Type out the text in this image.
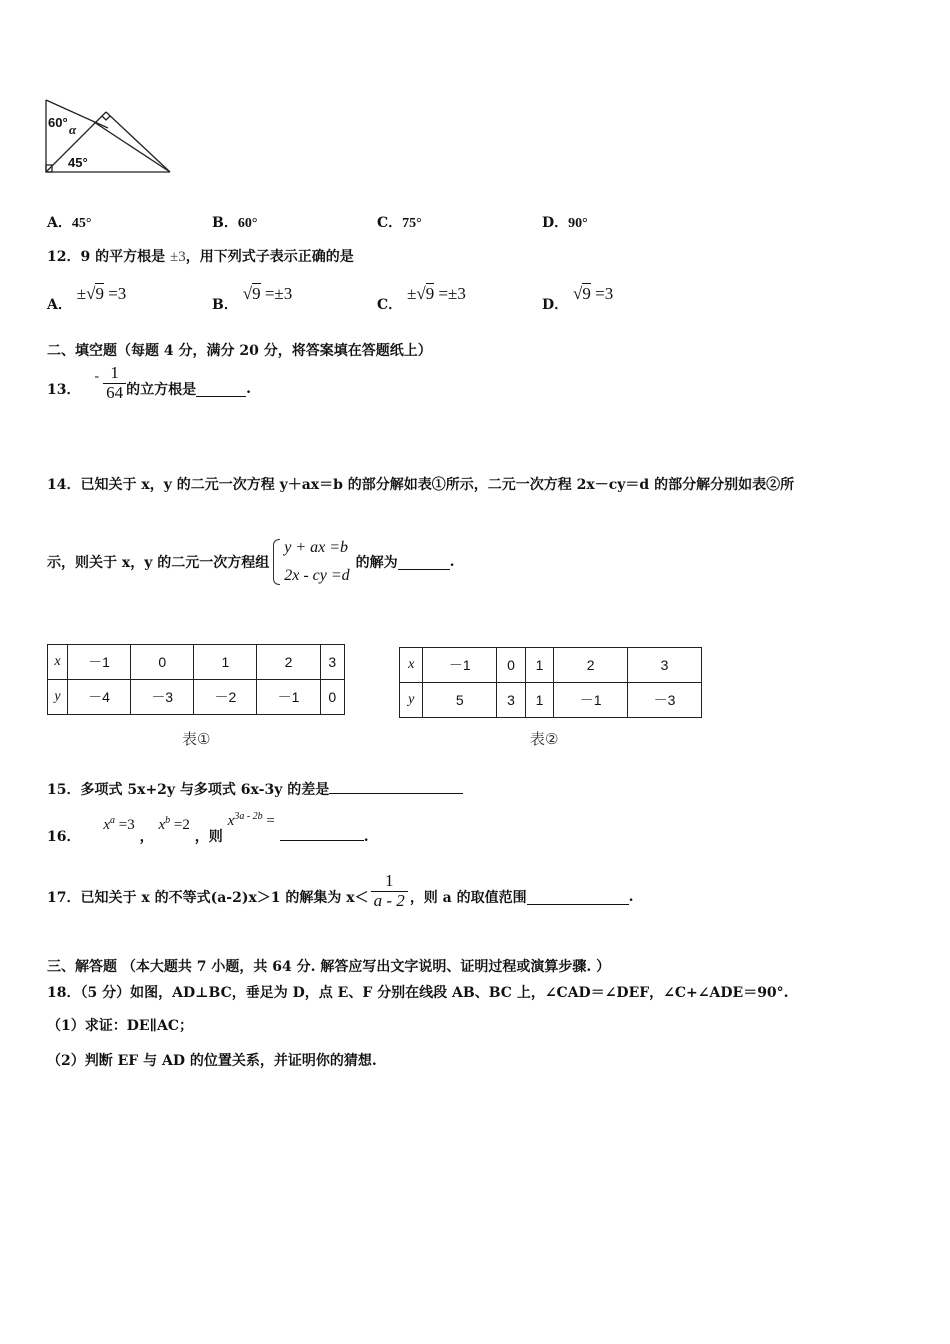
60° α
45°
A． 45°	B． 60°	C． 75°	D． 90°
12．9 的平方根是 ±3，用下列式子表示正确的是
A． ±√9 =3
B． √9 =±3
C． ±√9 =±3
D． √9 =3
二、填空题（每题 4 分，满分 20 分，将答案填在答题纸上）
13．
- $\frac{1}{64}$ 的立方根是	.
14．已知关于 x，y 的二元一次方程 y＋ax＝b 的部分解如表①所示，二元一次方程 2x－cy＝d 的部分解分别如表②所
示，则关于 x，y 的二元一次方程组
y + ax =b
2x - cy =d
的解为	.
x	－1	0	1	2	3
y	－4	－3	－2	－1	0
表①
x	－1	0	1	2	3
y	5	3	1	－1	－3
表②
15．多项式 5x+2y 与多项式 6x-3y 的差是
16． $x^a =3$ ， $x^b =2$ ，则 $x^{3a - 2b}$ = .
17．已知关于 x 的不等式(a-2)x＞1 的解集为 $x< \frac{1}{a - 2}$ ，则 a 的取值范围	.
三、解答题 （本大题共 7 小题，共 64 分. 解答应写出文字说明、证明过程或演算步骤. ）
18．（5 分）如图，AD⊥BC，垂足为 D，点 E、F 分别在线段 AB、BC 上，∠CAD＝∠DEF，∠C+∠ADE＝90°.
（1）求证：DE∥AC；
（2）判断 EF 与 AD 的位置关系，并证明你的猜想.
